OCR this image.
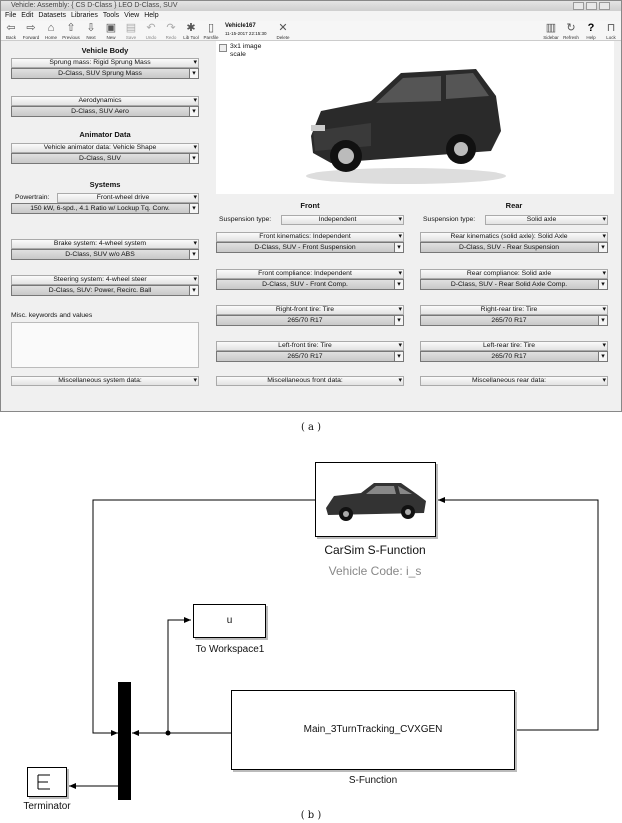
Vehicle: Assembly: { CS D-Class } LEO D-Class, SUV
File Edit Datasets Libraries Tools View Help
⇦
Back
⇨
Forward
⌂
Home
⇧
Previous
⇩
Next
▣
New
▤
Save
↶
Undo
↷
Redo
✱
Lib Tool
▯
Parsfile
Vehicle167
11-15-2017 22:15:30	✕
Delete
▥
Sidebar
↻
Refresh
?
Help
⊓
Lock
Vehicle Body
Sprung mass: Rigid Sprung Mass ▾
D-Class, SUV Sprung Mass ▾
Aerodynamics ▾
D-Class, SUV Aero ▾
Animator Data
Vehicle animator data: Vehicle Shape ▾
D-Class, SUV ▾
Systems
Powertrain:	Front-wheel drive ▾
150 kW, 6-spd., 4.1 Ratio w/ Lockup Tq. Conv. ▾
Brake system: 4-wheel system ▾
D-Class, SUV w/o ABS ▾
Steering system: 4-wheel steer ▾
D-Class, SUV: Power, Recirc. Ball ▾
Misc. keywords and values
Miscellaneous system data: ▾
3x1 image scale
Front
Suspension type:	Independent ▾
Front kinematics: Independent ▾
D-Class, SUV - Front Suspension ▾
Front compliance: Independent ▾
D-Class, SUV - Front Comp. ▾
Right-front tire: Tire ▾
265/70 R17 ▾
Left-front tire: Tire ▾
265/70 R17 ▾
Miscellaneous front data: ▾
Rear
Suspension type:	Solid axle ▾
Rear kinematics (solid axle): Solid Axle ▾
D-Class, SUV - Rear Suspension ▾
Rear compliance: Solid axle ▾
D-Class, SUV - Rear Solid Axle Comp. ▾
Right-rear tire: Tire ▾
265/70 R17 ▾
Left-rear tire: Tire ▾
265/70 R17 ▾
Miscellaneous rear data: ▾
( a )
CarSim S-Function
Vehicle Code: i_s
u
To Workspace1
Main_3TurnTracking_CVXGEN
S-Function
Terminator
( b )
